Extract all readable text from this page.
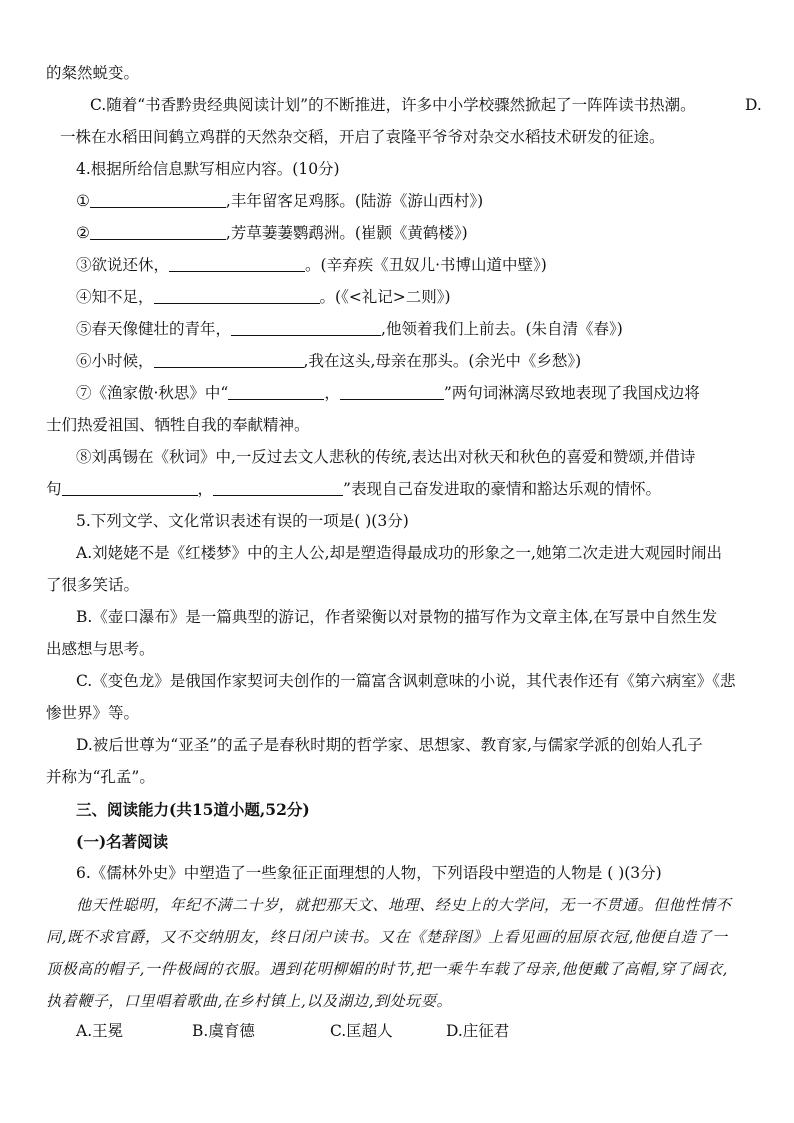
的粲然蜕变。
C.随着“书香黔贵经典阅读计划”的不断推进，许多中小学校骤然掀起了一阵阵读书热潮。	D.
一株在水稻田间鹤立鸡群的天然杂交稻，开启了袁隆平爷爷对杂交水稻技术研发的征途。
4.根据所给信息默写相应内容。(10分)
①	,丰年留客足鸡豚。(陆游《游山西村》)
②	,芳草萋萋鹦鹉洲。(崔颢《黄鹤楼》)
③欲说还休，	。(辛弃疾《丑奴儿·书博山道中壁》)
④知不足，	。(《<礼记>二则》)
⑤春天像健壮的青年，	,他领着我们上前去。(朱自清《春》)
⑥小时候，	,我在这头,母亲在那头。(余光中《乡愁》)
⑦《渔家傲·秋思》中“	，	”两句词淋漓尽致地表现了我国戍边将
士们热爱祖国、牺牲自我的奉献精神。
⑧刘禹锡在《秋词》中,一反过去文人悲秋的传统,表达出对秋天和秋色的喜爱和赞颂,并借诗
句	，	”表现自己奋发进取的豪情和豁达乐观的情怀。
5.下列文学、文化常识表述有误的一项是( )(3分)
A.刘姥姥不是《红楼梦》中的主人公,却是塑造得最成功的形象之一,她第二次走进大观园时闹出
了很多笑话。
B.《壶口瀑布》是一篇典型的游记，作者梁衡以对景物的描写作为文章主体,在写景中自然生发
出感想与思考。
C.《变色龙》是俄国作家契诃夫创作的一篇富含讽刺意味的小说，其代表作还有《第六病室》《悲
惨世界》等。
D.被后世尊为“亚圣”的孟子是春秋时期的哲学家、思想家、教育家,与儒家学派的创始人孔子
并称为“孔孟”。
三、阅读能力(共15道小题,52分)
(一)名著阅读
6.《儒林外史》中塑造了一些象征正面理想的人物，下列语段中塑造的人物是 ( )(3分)
他天性聪明，年纪不满二十岁，就把那天文、地理、经史上的大学问，无一不贯通。但他性情不
同,既不求官爵，又不交纳朋友，终日闭户读书。又在《楚辞图》上看见画的屈原衣冠,他便自造了一
顶极高的帽子,一件极阔的衣服。遇到花明柳媚的时节,把一乘牛车载了母亲,他便戴了高帽,穿了阔衣,
执着鞭子，口里唱着歌曲,在乡村镇上,以及湖边,到处玩耍。
A.王冕	B.虞育德	C.匡超人	D.庄征君
